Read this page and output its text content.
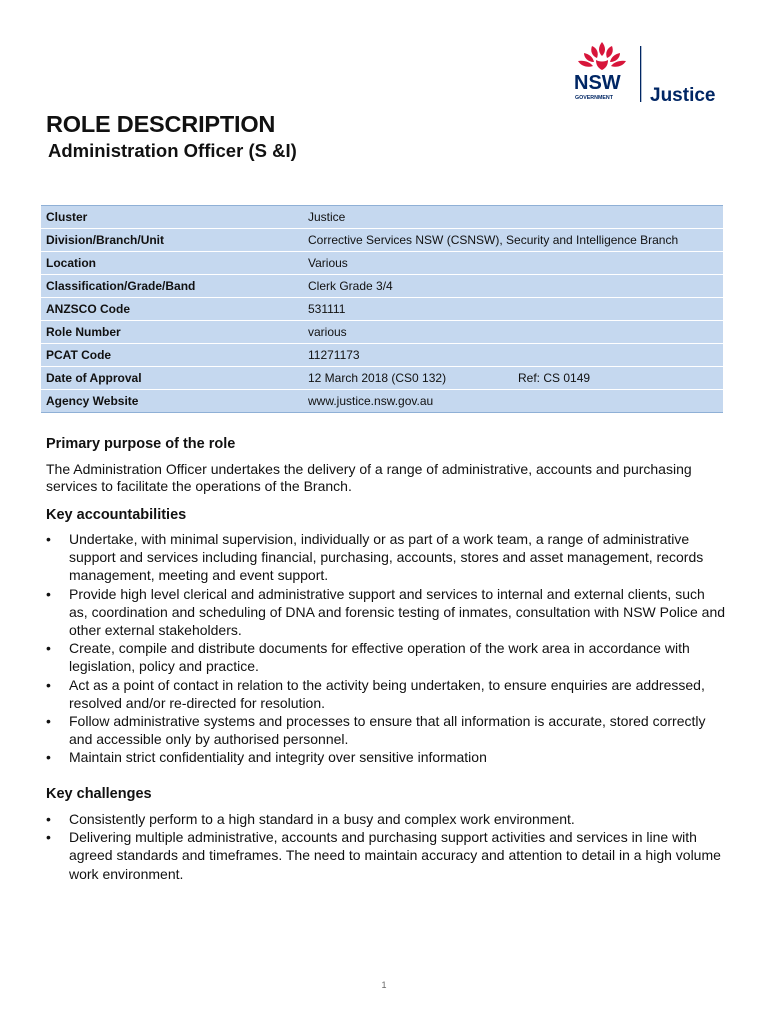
NSW
GOVERNMENT Justice
ROLE DESCRIPTION
Administration Officer (S &I)
Cluster	Justice
Division/Branch/Unit	Corrective Services NSW (CSNSW), Security and Intelligence Branch
Location	Various
Classification/Grade/Band	Clerk Grade 3/4
ANZSCO Code	531111
Role Number	various
PCAT Code	11271173
Date of Approval	12 March 2018 (CS0 132) Ref: CS 0149

Agency Website	www.justice.nsw.gov.au
Primary purpose of the role
The Administration Officer undertakes the delivery of a range of administrative, accounts and purchasing services to facilitate the operations of the Branch.
Key accountabilities
• Undertake, with minimal supervision, individually or as part of a work team, a range of administrative support and services including financial, purchasing, accounts, stores and asset management, records management, meeting and event support.
• Provide high level clerical and administrative support and services to internal and external clients, such as, coordination and scheduling of DNA and forensic testing of inmates, consultation with NSW Police and other external stakeholders.
• Create, compile and distribute documents for effective operation of the work area in accordance with legislation, policy and practice.
• Act as a point of contact in relation to the activity being undertaken, to ensure enquiries are addressed, resolved and/or re-directed for resolution.
• Follow administrative systems and processes to ensure that all information is accurate, stored correctly and accessible only by authorised personnel.
• Maintain strict confidentiality and integrity over sensitive information
Key challenges
• Consistently perform to a high standard in a busy and complex work environment.
• Delivering multiple administrative, accounts and purchasing support activities and services in line with agreed standards and timeframes. The need to maintain accuracy and attention to detail in a high volume work environment.
1
